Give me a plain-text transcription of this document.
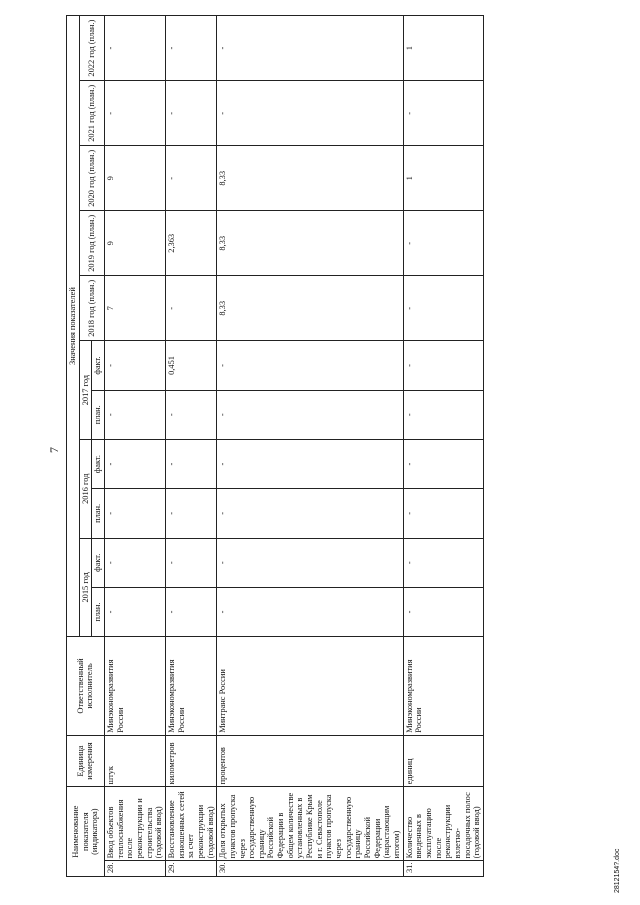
7
Наименование показателя (индикатора)		Единица измерения	Ответственный исполнитель	Значения показателей										
				2015 год		2016 год		2017 год		2018 год (план.)	2019 год (план.)	2020 год (план.)	2021 год (план.)	2022 год (план.)
				план.	факт.	план.	факт.	план.	факт.					
28.	Ввод объектов теплоснабжения после реконструкции и строительства (годовой ввод)	штук	Минэкономразвития России	-	-	-	-	-	-	7	9	9	-	-
29.	Восстановление изношенных сетей за счет реконструкции (годовой ввод)	километров	Минэкономразвития России	-	-	-	-	-	0,451	-	2,363	-	-	-
30.	Доля открытых пунктов пропуска через государственную границу Российской Федерации в общем количестве установленных в Республике Крым и г. Севастополе пунктов пропуска через государственную границу Российской Федерации (нарастающим итогом)	процентов	Минтранс России	-	-	-	-	-	-	8,33	8,33	8,33	-	-
31.	Количество введенных в эксплуатацию после реконструкции взлетно-посадочных полос (годовой ввод)	единиц	Минэкономразвития России	-	-	-	-	-	-	-	-	1	-	1
2812154?.doc
